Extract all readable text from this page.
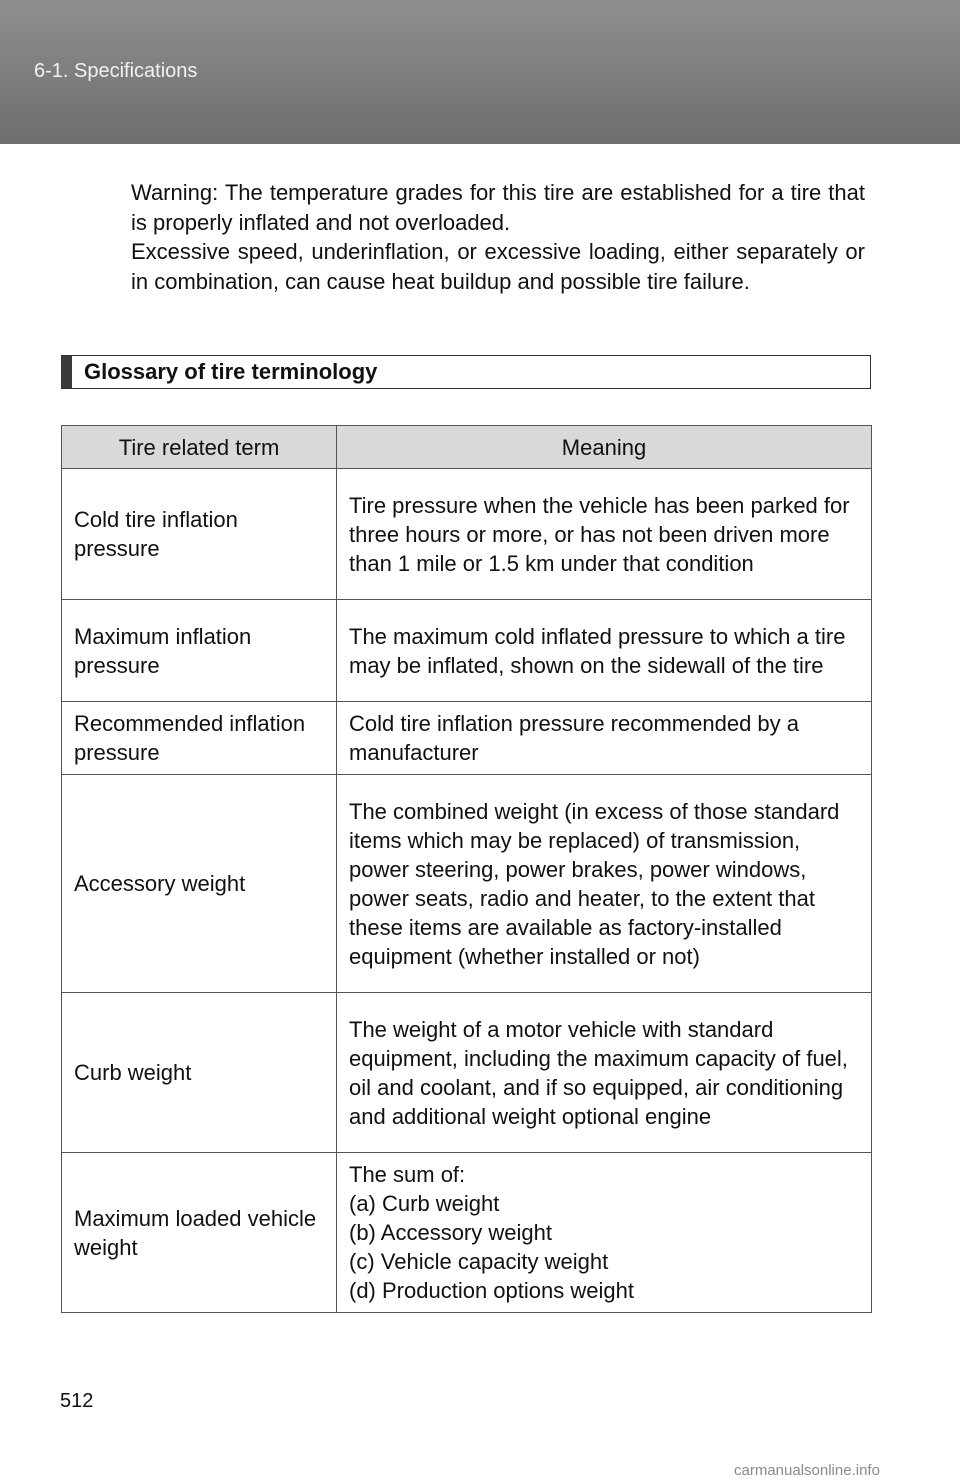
6-1. Specifications

Warning: The temperature grades for this tire are established for a tire that is properly inflated and not overloaded.

Excessive speed, underinflation, or excessive loading, either separately or in combination, can cause heat buildup and possible tire failure.

Glossary of tire terminology
Tire related term	Meaning
Cold tire inflation pressure	Tire pressure when the vehicle has been parked for three hours or more, or has not been driven more than 1 mile or 1.5 km under that condition

Maximum inflation pressure	The maximum cold inflated pressure to which a tire may be inflated, shown on the sidewall of the tire

Recommended inflation pressure	Cold tire inflation pressure recommended by a manufacturer

Accessory weight	The combined weight (in excess of those standard items which may be replaced) of transmission, power steering, power brakes, power windows, power seats, radio and heater, to the extent that these items are available as factory-installed equipment (whether installed or not)

Curb weight	The weight of a motor vehicle with standard equipment, including the maximum capacity of fuel, oil and coolant, and if so equipped, air conditioning and additional weight optional engine

Maximum loaded vehicle weight	The sum of:
(a) Curb weight
(b) Accessory weight
(c) Vehicle capacity weight
(d) Production options weight
512
carmanualsonline.info
